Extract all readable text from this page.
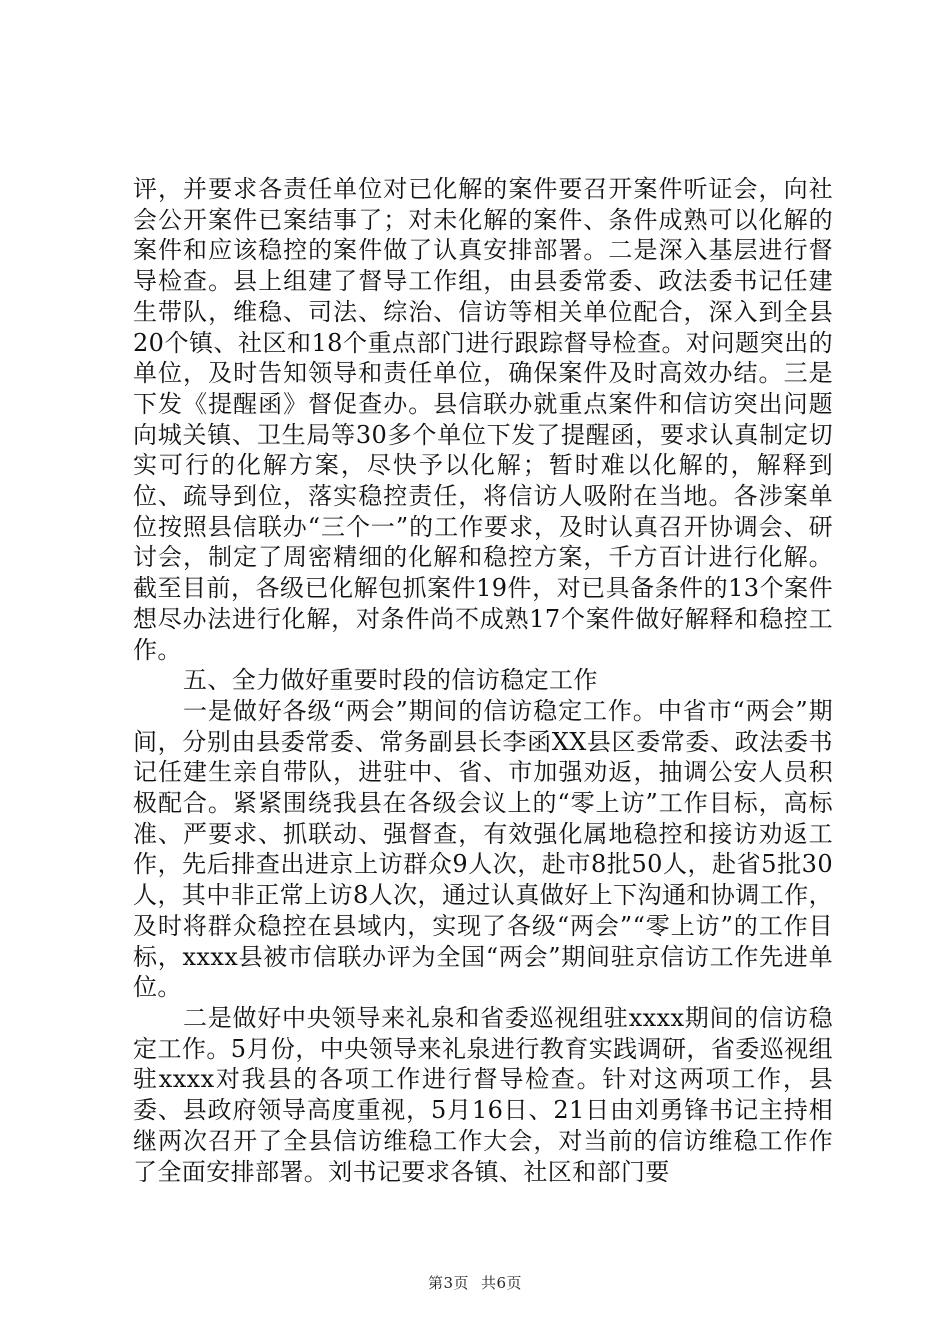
评，并要求各责任单位对已化解的案件要召开案件听证会，向社会公开案件已案结事了；对未化解的案件、条件成熟可以化解的案件和应该稳控的案件做了认真安排部署。二是深入基层进行督导检查。县上组建了督导工作组，由县委常委、政法委书记任建生带队，维稳、司法、综治、信访等相关单位配合，深入到全县20个镇、社区和18个重点部门进行跟踪督导检查。对问题突出的单位，及时告知领导和责任单位，确保案件及时高效办结。三是下发《提醒函》督促查办。县信联办就重点案件和信访突出问题向城关镇、卫生局等30多个单位下发了提醒函，要求认真制定切实可行的化解方案，尽快予以化解；暂时难以化解的，解释到位、疏导到位，落实稳控责任，将信访人吸附在当地。各涉案单位按照县信联办“三个一”的工作要求，及时认真召开协调会、研讨会，制定了周密精细的化解和稳控方案，千方百计进行化解。截至目前，各级已化解包抓案件19件，对已具备条件的13个案件想尽办法进行化解，对条件尚不成熟17个案件做好解释和稳控工作。

五、全力做好重要时段的信访稳定工作

一是做好各级“两会”期间的信访稳定工作。中省市“两会”期间，分别由县委常委、常务副县长李函XX县区委常委、政法委书记任建生亲自带队，进驻中、省、市加强劝返，抽调公安人员积极配合。紧紧围绕我县在各级会议上的“零上访”工作目标，高标准、严要求、抓联动、强督查，有效强化属地稳控和接访劝返工作，先后排查出进京上访群众9人次，赴市8批50人，赴省5批30人，其中非正常上访8人次，通过认真做好上下沟通和协调工作，及时将群众稳控在县域内，实现了各级“两会”“零上访”的工作目标，xxxx县被市信联办评为全国“两会”期间驻京信访工作先进单位。

二是做好中央领导来礼泉和省委巡视组驻xxxx期间的信访稳定工作。5月份，中央领导来礼泉进行教育实践调研，省委巡视组驻xxxx对我县的各项工作进行督导检查。针对这两项工作，县委、县政府领导高度重视，5月16日、21日由刘勇锋书记主持相继两次召开了全县信访维稳工作大会，对当前的信访维稳工作作了全面安排部署。刘书记要求各镇、社区和部门要

第3页 共6页
